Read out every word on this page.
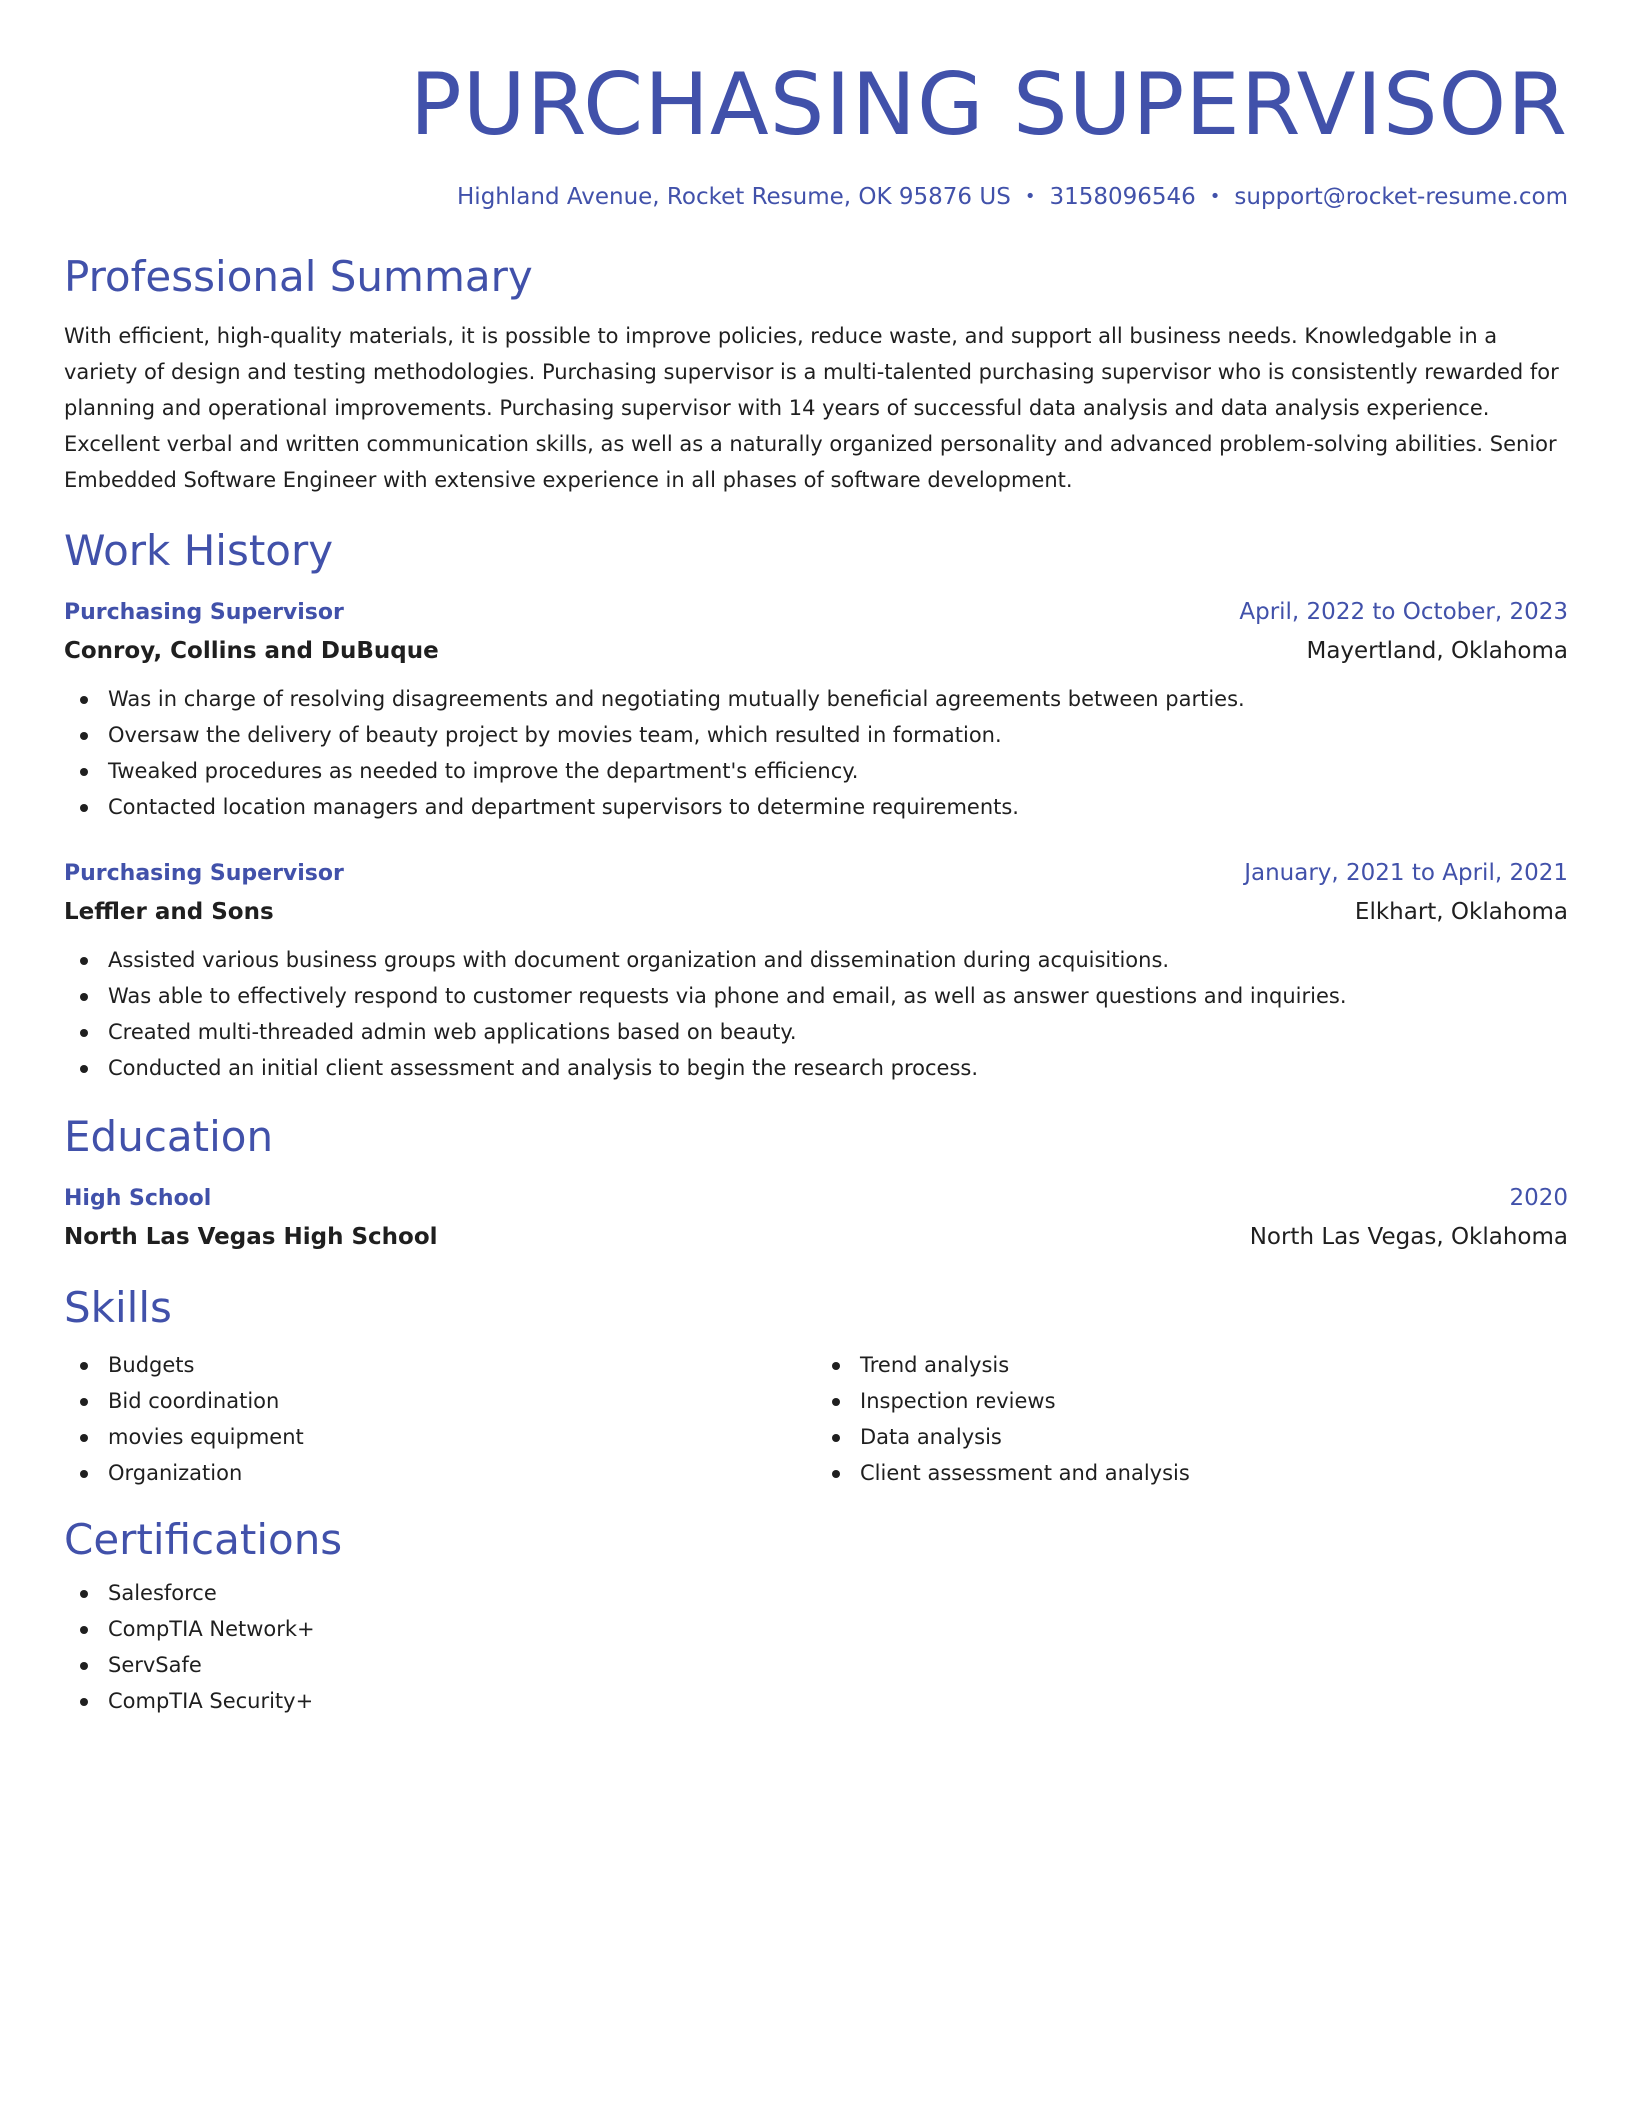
PURCHASING SUPERVISOR
Highland Avenue, Rocket Resume, OK 95876 US • 3158096546 • support@rocket-resume.com
Professional Summary
With efficient, high-quality materials, it is possible to improve policies, reduce waste, and support all business needs. Knowledgable in a variety of design and testing methodologies. Purchasing supervisor is a multi-talented purchasing supervisor who is consistently rewarded for planning and operational improvements. Purchasing supervisor with 14 years of successful data analysis and data analysis experience. Excellent verbal and written communication skills, as well as a naturally organized personality and advanced problem-solving abilities. Senior Embedded Software Engineer with extensive experience in all phases of software development.
Work History
Purchasing Supervisor	April, 2022 to October, 2023
Conroy, Collins and DuBuque	Mayertland, Oklahoma
Was in charge of resolving disagreements and negotiating mutually beneficial agreements between parties.
Oversaw the delivery of beauty project by movies team, which resulted in formation.
Tweaked procedures as needed to improve the department's efficiency.
Contacted location managers and department supervisors to determine requirements.
Purchasing Supervisor	January, 2021 to April, 2021
Leffler and Sons	Elkhart, Oklahoma
Assisted various business groups with document organization and dissemination during acquisitions.
Was able to effectively respond to customer requests via phone and email, as well as answer questions and inquiries.
Created multi-threaded admin web applications based on beauty.
Conducted an initial client assessment and analysis to begin the research process.
Education
High School	2020
North Las Vegas High School	North Las Vegas, Oklahoma
Skills
Budgets
Bid coordination
movies equipment
Organization
Trend analysis
Inspection reviews
Data analysis
Client assessment and analysis
Certifications
Salesforce
CompTIA Network+
ServSafe
CompTIA Security+
